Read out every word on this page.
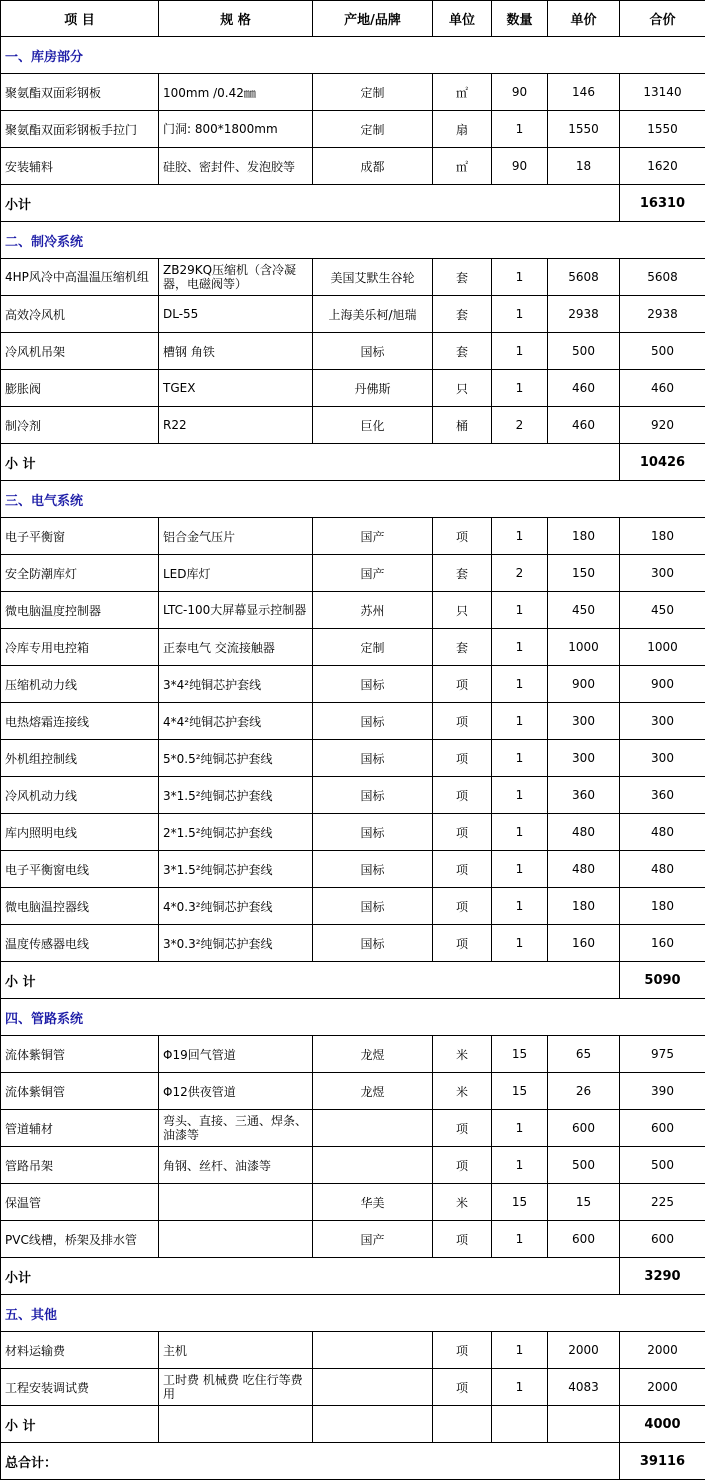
项 目	规 格	产地/品牌	单位	数量	单价	合价
一、库房部分						
聚氨酯双面彩钢板	100mm /0.42㎜	定制	㎡	90	146	13140
聚氨酯双面彩钢板手拉门	门洞: 800*1800mm	定制	扇	1	1550	1550
安装辅料	硅胶、密封件、发泡胶等	成都	㎡	90	18	1620
小计						16310
二、制冷系统						
4HP风冷中高温温压缩机组	ZB29KQ压缩机（含冷凝器，电磁阀等）	美国艾默生谷轮	套	1	5608	5608
高效冷风机	DL-55	上海美乐柯/旭瑞	套	1	2938	2938
冷风机吊架	槽钢 角铁	国标	套	1	500	500
膨胀阀	TGEX	丹佛斯	只	1	460	460
制冷剂	R22	巨化	桶	2	460	920
小 计						10426
三、电气系统						
电子平衡窗	铝合金气压片	国产	项	1	180	180
安全防潮库灯	LED库灯	国产	套	2	150	300
微电脑温度控制器	LTC-100大屏幕显示控制器	苏州	只	1	450	450
冷库专用电控箱	正泰电气 交流接触器	定制	套	1	1000	1000
压缩机动力线	3*4²纯铜芯护套线	国标	项	1	900	900
电热熔霜连接线	4*4²纯铜芯护套线	国标	项	1	300	300
外机组控制线	5*0.5²纯铜芯护套线	国标	项	1	300	300
冷风机动力线	3*1.5²纯铜芯护套线	国标	项	1	360	360
库内照明电线	2*1.5²纯铜芯护套线	国标	项	1	480	480
电子平衡窗电线	3*1.5²纯铜芯护套线	国标	项	1	480	480
微电脑温控器线	4*0.3²纯铜芯护套线	国标	项	1	180	180
温度传感器电线	3*0.3²纯铜芯护套线	国标	项	1	160	160
小 计						5090
四、管路系统						
流体紫铜管	Φ19回气管道	龙煜	米	15	65	975
流体紫铜管	Φ12供夜管道	龙煜	米	15	26	390
管道辅材	弯头、直接、三通、焊条、油漆等		项	1	600	600
管路吊架	角钢、丝杆、油漆等		项	1	500	500
保温管		华美	米	15	15	225
PVC线槽，桥架及排水管		国产	项	1	600	600
小计						3290
五、其他						
材料运输费	主机		项	1	2000	2000
工程安装调试费	工时费 机械费 吃住行等费用		项	1	4083	2000
小 计						4000
总合计：						39116
